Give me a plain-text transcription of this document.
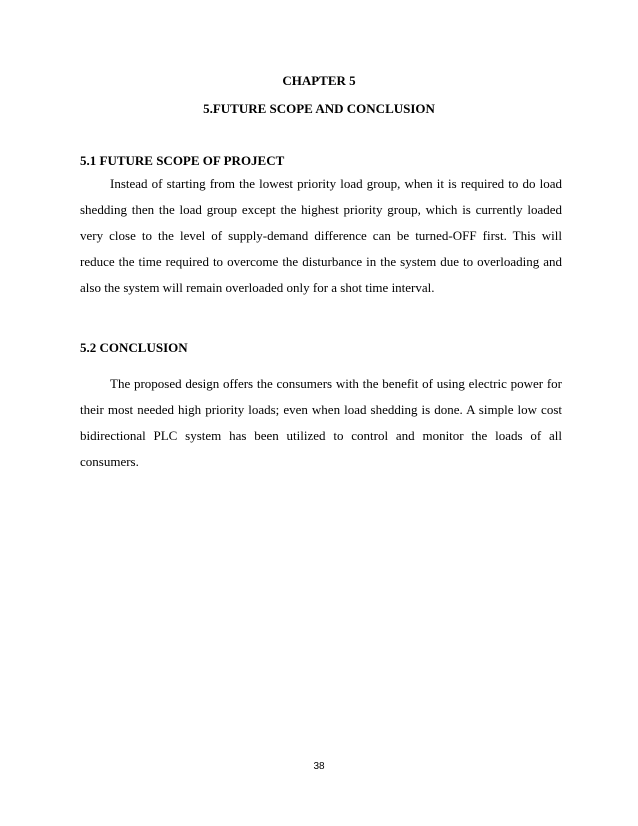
CHAPTER 5
5.FUTURE SCOPE AND CONCLUSION
5.1 FUTURE SCOPE OF PROJECT

Instead of starting from the lowest priority load group, when it is required to do load shedding then the load group except the highest priority group, which is currently loaded very close to the level of supply-demand difference can be turned-OFF first. This will reduce the time required to overcome the disturbance in the system due to overloading and also the system will remain overloaded only for a shot time interval.

5.2 CONCLUSION

The proposed design offers the consumers with the benefit of using electric power for their most needed high priority loads; even when load shedding is done. A simple low cost bidirectional PLC system has been utilized to control and monitor the loads of all consumers.

38
